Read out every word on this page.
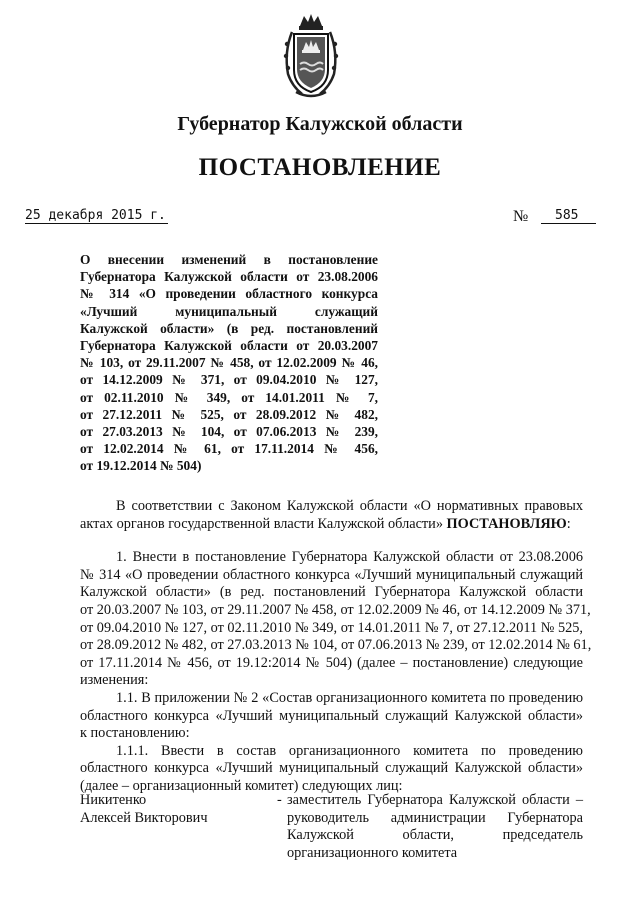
Губернатор Калужской области
ПОСТАНОВЛЕНИЕ
25 декабря 2015 г.	№	585
О внесении изменений в постановление
Губернатора Калужской области от 23.08.2006
№ 314 «О проведении областного конкурса
«Лучший муниципальный служащий
Калужской области» (в ред. постановлений
Губернатора Калужской области от 20.03.2007
№ 103, от 29.11.2007 № 458, от 12.02.2009 № 46,
от 14.12.2009 № 371, от 09.04.2010 № 127,
от 02.11.2010 № 349, от 14.01.2011 № 7,
от 27.12.2011 № 525, от 28.09.2012 № 482,
от 27.03.2013 № 104, от 07.06.2013 № 239,
от 12.02.2014 № 61, от 17.11.2014 № 456,
от 19.12.2014 № 504)
В соответствии с Законом Калужской области «О нормативных правовых
актах органов государственной власти Калужской области» ПОСТАНОВЛЯЮ:
1. Внести в постановление Губернатора Калужской области от 23.08.2006
№ 314 «О проведении областного конкурса «Лучший муниципальный служащий
Калужской области» (в ред. постановлений Губернатора Калужской области
от 20.03.2007 № 103, от 29.11.2007 № 458, от 12.02.2009 № 46, от 14.12.2009 № 371,
от 09.04.2010 № 127, от 02.11.2010 № 349, от 14.01.2011 № 7, от 27.12.2011 № 525,
от 28.09.2012 № 482, от 27.03.2013 № 104, от 07.06.2013 № 239, от 12.02.2014 № 61,
от 17.11.2014 № 456, от 19.12:2014 № 504) (далее – постановление) следующие
изменения:
1.1. В приложении № 2 «Состав организационного комитета по проведению
областного конкурса «Лучший муниципальный служащий Калужской области»
к постановлению:
1.1.1. Ввести в состав организационного комитета по проведению
областного конкурса «Лучший муниципальный служащий Калужской области»
(далее – организационный комитет) следующих лиц:
Никитенко
Алексей Викторович
- заместитель Губернатора Калужской области –
руководитель администрации Губернатора
Калужской области, председатель
организационного комитета
